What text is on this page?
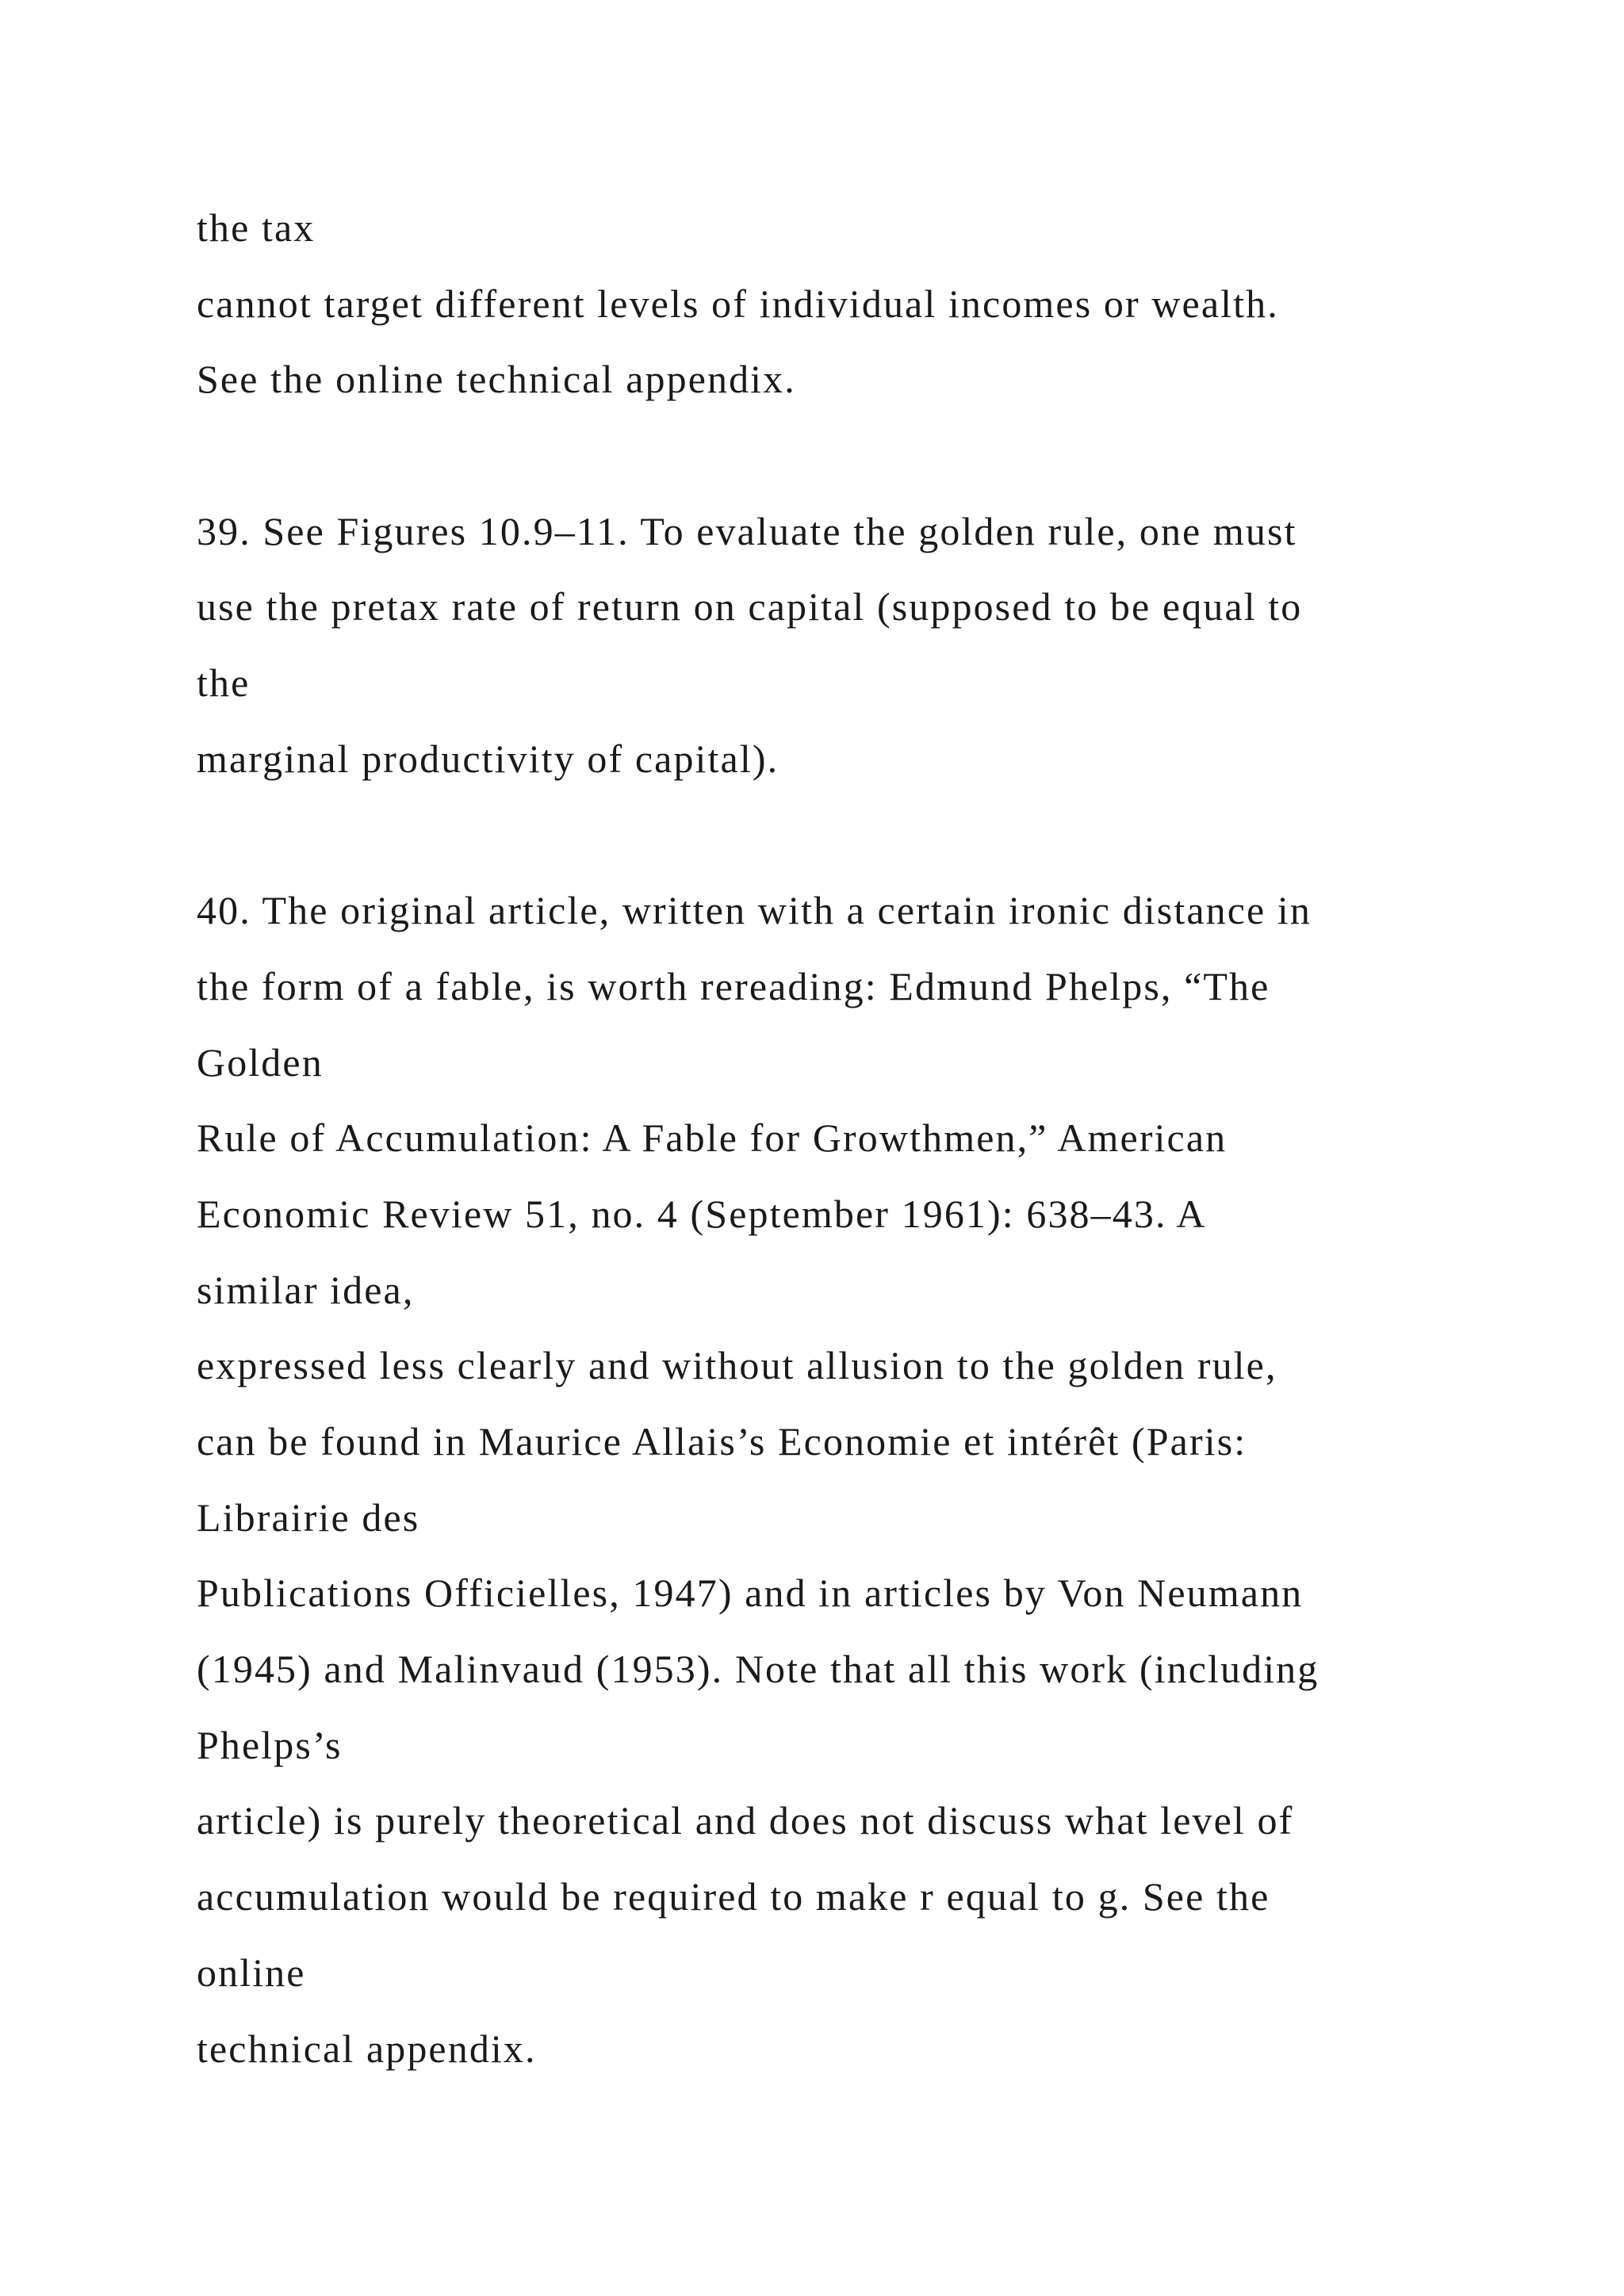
the tax
cannot target different levels of individual incomes or wealth.
See the online technical appendix.
39. See Figures 10.9–11. To evaluate the golden rule, one must
use the pretax rate of return on capital (supposed to be equal to
the
marginal productivity of capital).
40. The original article, written with a certain ironic distance in
the form of a fable, is worth rereading: Edmund Phelps, “The
Golden
Rule of Accumulation: A Fable for Growthmen,” American
Economic Review 51, no. 4 (September 1961): 638–43. A
similar idea,
expressed less clearly and without allusion to the golden rule,
can be found in Maurice Allais’s Economie et intérêt (Paris:
Librairie des
Publications Officielles, 1947) and in articles by Von Neumann
(1945) and Malinvaud (1953). Note that all this work (including
Phelps’s
article) is purely theoretical and does not discuss what level of
accumulation would be required to make r equal to g. See the
online
technical appendix.
